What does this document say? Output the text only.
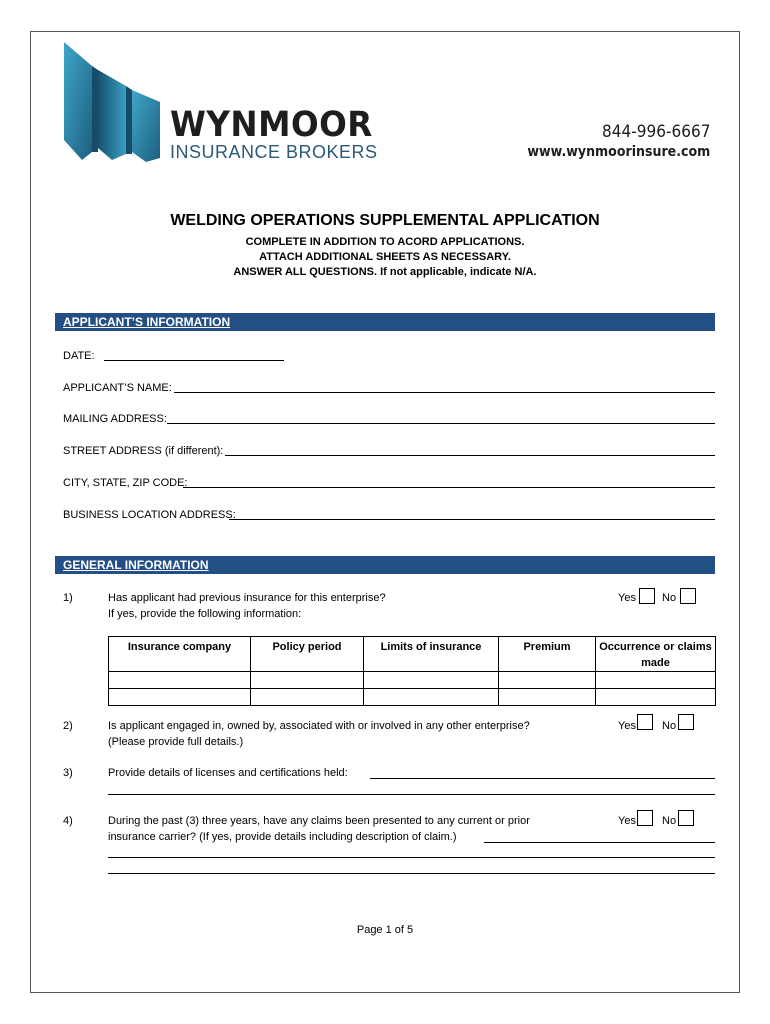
WYNMOOR
INSURANCE BROKERS
844-996-6667
www.wynmoorinsure.com
WELDING OPERATIONS SUPPLEMENTAL APPLICATION
COMPLETE IN ADDITION TO ACORD APPLICATIONS.
ATTACH ADDITIONAL SHEETS AS NECESSARY.
ANSWER ALL QUESTIONS. If not applicable, indicate N/A.
APPLICANT’S INFORMATION
DATE:
APPLICANT’S NAME:
MAILING ADDRESS:
STREET ADDRESS (if different):
CITY, STATE, ZIP CODE:
BUSINESS LOCATION ADDRESS:
GENERAL INFORMATION
1)	Has applicant had previous insurance for this enterprise?
If yes, provide the following information:
Yes No
Insurance company	Policy period	Limits of insurance	Premium	Occurrence or claims made

2)	Is applicant engaged in, owned by, associated with or involved in any other enterprise?
(Please provide full details.)
Yes No
3)	Provide details of licenses and certifications held:
4)	During the past (3) three years, have any claims been presented to any current or prior
insurance carrier? (If yes, provide details including description of claim.)
Yes No
Page 1 of 5
